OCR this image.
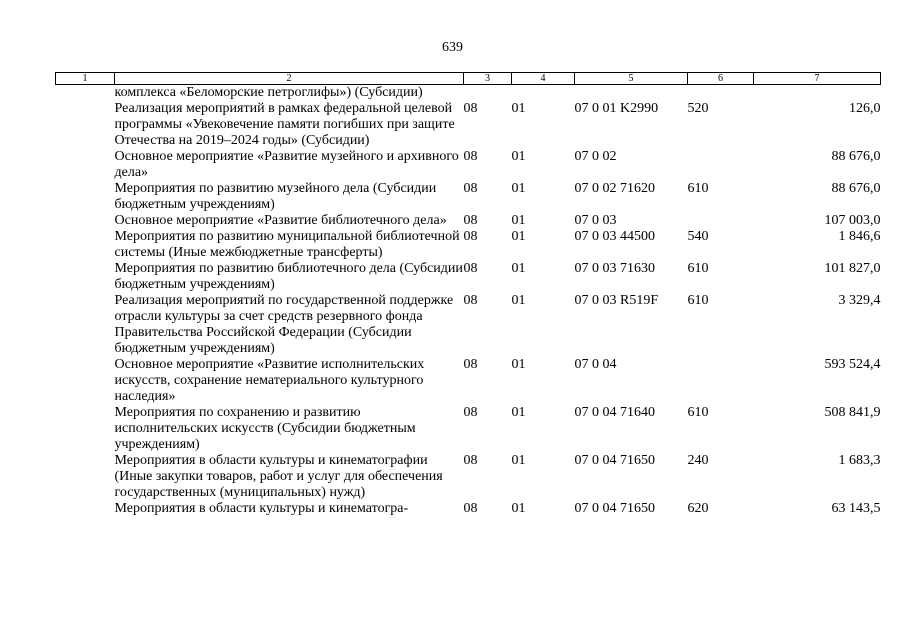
639
1	2	3	4	5	6	7
	комплекса «Беломорские петроглифы») (Субсидии)					
	Реализация мероприятий в рамках федеральной целевой программы «Увековечение памяти погибших при защите Отечества на 2019–2024 годы» (Субсидии)	08	01	07 0 01 K2990	520	126,0
	Основное мероприятие «Развитие музейного и архивного дела»	08	01	07 0 02		88 676,0
	Мероприятия по развитию музейного дела (Субсидии бюджетным учреждениям)	08	01	07 0 02 71620	610	88 676,0
	Основное мероприятие «Развитие библиотечного дела»	08	01	07 0 03		107 003,0
	Мероприятия по развитию муниципальной библиотечной системы (Иные межбюджетные трансферты)	08	01	07 0 03 44500	540	1 846,6
	Мероприятия по развитию библиотечного дела (Субсидии бюджетным учреждениям)	08	01	07 0 03 71630	610	101 827,0
	Реализация мероприятий по государственной поддержке отрасли культуры за счет средств резервного фонда Правительства Российской Федерации (Субсидии бюджетным учреждениям)	08	01	07 0 03 R519F	610	3 329,4
	Основное мероприятие «Развитие исполнительских искусств, сохранение нематериального культурного наследия»	08	01	07 0 04		593 524,4
	Мероприятия по сохранению и развитию исполнительских искусств (Субсидии бюджетным учреждениям)	08	01	07 0 04 71640	610	508 841,9
	Мероприятия в области культуры и кинематографии (Иные закупки товаров, работ и услуг для обеспечения государственных (муниципальных) нужд)	08	01	07 0 04 71650	240	1 683,3
	Мероприятия в области культуры и кинематогра-	08	01	07 0 04 71650	620	63 143,5
